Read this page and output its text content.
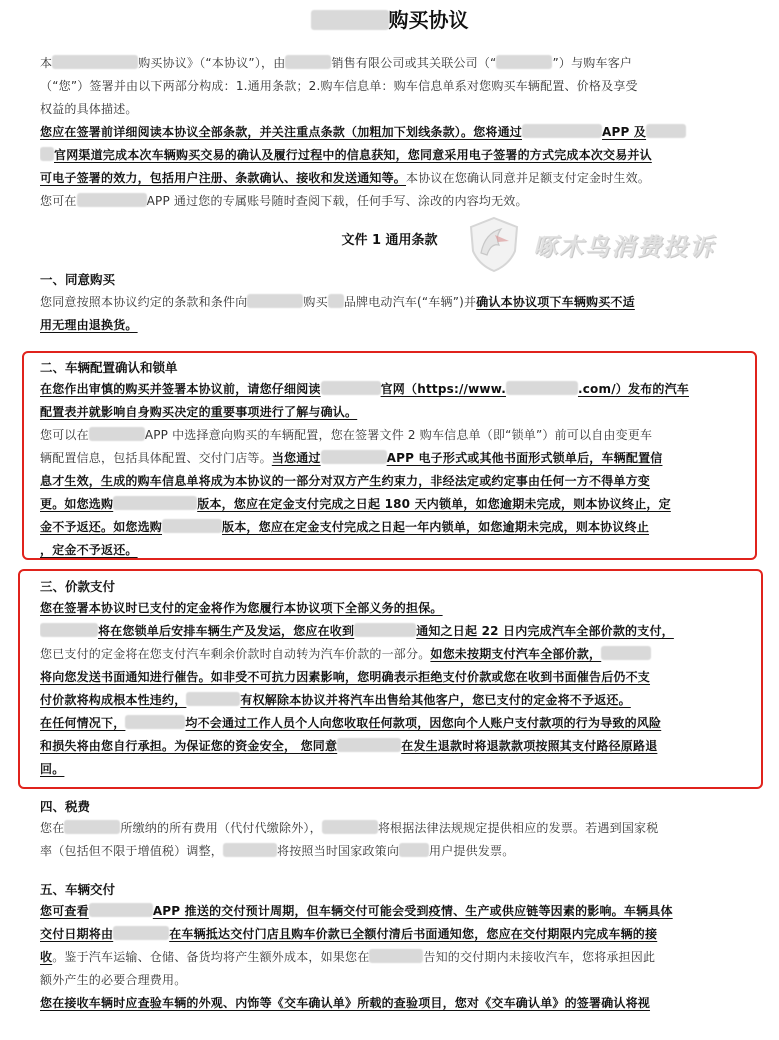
购买协议
本	购买协议》（“本协议”），由	销售有限公司或其关联公司（“	”）与购车客户
（“您”）签署并由以下两部分构成：1.通用条款；2.购车信息单：购车信息单系对您购买车辆配置、价格及享受
权益的具体描述。
您应在签署前详细阅读本协议全部条款，并关注重点条款（加粗加下划线条款）。您将通过	APP 及
官网渠道完成本次车辆购买交易的确认及履行过程中的信息获知，您同意采用电子签署的方式完成本次交易并认
可电子签署的效力，包括用户注册、条款确认、接收和发送通知等。本协议在您确认同意并足额支付定金时生效。
您可在	APP 通过您的专属账号随时查阅下载，任何手写、涂改的内容均无效。
文件 1 通用条款	啄木鸟消费投诉
一、同意购买
您同意按照本协议约定的条款和条件向	购买 品牌电动汽车(“车辆”)并确认本协议项下车辆购买不适
用无理由退换货。
二、车辆配置确认和锁单
在您作出审慎的购买并签署本协议前，请您仔细阅读	官网（https://www.	.com/）发布的汽车
配置表并就影响自身购买决定的重要事项进行了解与确认。
您可以在	APP 中选择意向购买的车辆配置，您在签署文件 2 购车信息单（即“锁单”）前可以自由变更车
辆配置信息，包括具体配置、交付门店等。当您通过	APP 电子形式或其他书面形式锁单后，车辆配置信
息才生效，生成的购车信息单将成为本协议的一部分对双方产生约束力，非经法定或约定事由任何一方不得单方变
更。如您选购	版本，您应在定金支付完成之日起 180 天内锁单，如您逾期未完成，则本协议终止，定
金不予返还。如您选购	版本，您应在定金支付完成之日起一年内锁单，如您逾期未完成，则本协议终止
，定金不予返还。
三、价款支付
您在签署本协议时已支付的定金将作为您履行本协议项下全部义务的担保。
将在您锁单后安排车辆生产及发运，您应在收到	通知之日起 22 日内完成汽车全部价款的支付，
您已支付的定金将在您支付汽车剩余价款时自动转为汽车价款的一部分。如您未按期支付汽车全部价款，
将向您发送书面通知进行催告。如非受不可抗力因素影响，您明确表示拒绝支付价款或您在收到书面催告后仍不支
付价款将构成根本性违约，	有权解除本协议并将汽车出售给其他客户，您已支付的定金将不予返还。
在任何情况下，	均不会通过工作人员个人向您收取任何款项，因您向个人账户支付款项的行为导致的风险
和损失将由您自行承担。为保证您的资金安全， 您同意	在发生退款时将退款款项按照其支付路径原路退
回。
四、税费
您在	所缴纳的所有费用（代付代缴除外），	将根据法律法规规定提供相应的发票。若遇到国家税
率（包括但不限于增值税）调整，	将按照当时国家政策向	用户提供发票。
五、车辆交付
您可查看	APP 推送的交付预计周期，但车辆交付可能会受到疫情、生产或供应链等因素的影响。车辆具体
交付日期将由	在车辆抵达交付门店且购车价款已全额付清后书面通知您，您应在交付期限内完成车辆的接
收。鉴于汽车运输、仓储、备货均将产生额外成本，如果您在	告知的交付期内未接收汽车，您将承担因此
额外产生的必要合理费用。
您在接收车辆时应查验车辆的外观、内饰等《交车确认单》所载的查验项目，您对《交车确认单》的签署确认将视
